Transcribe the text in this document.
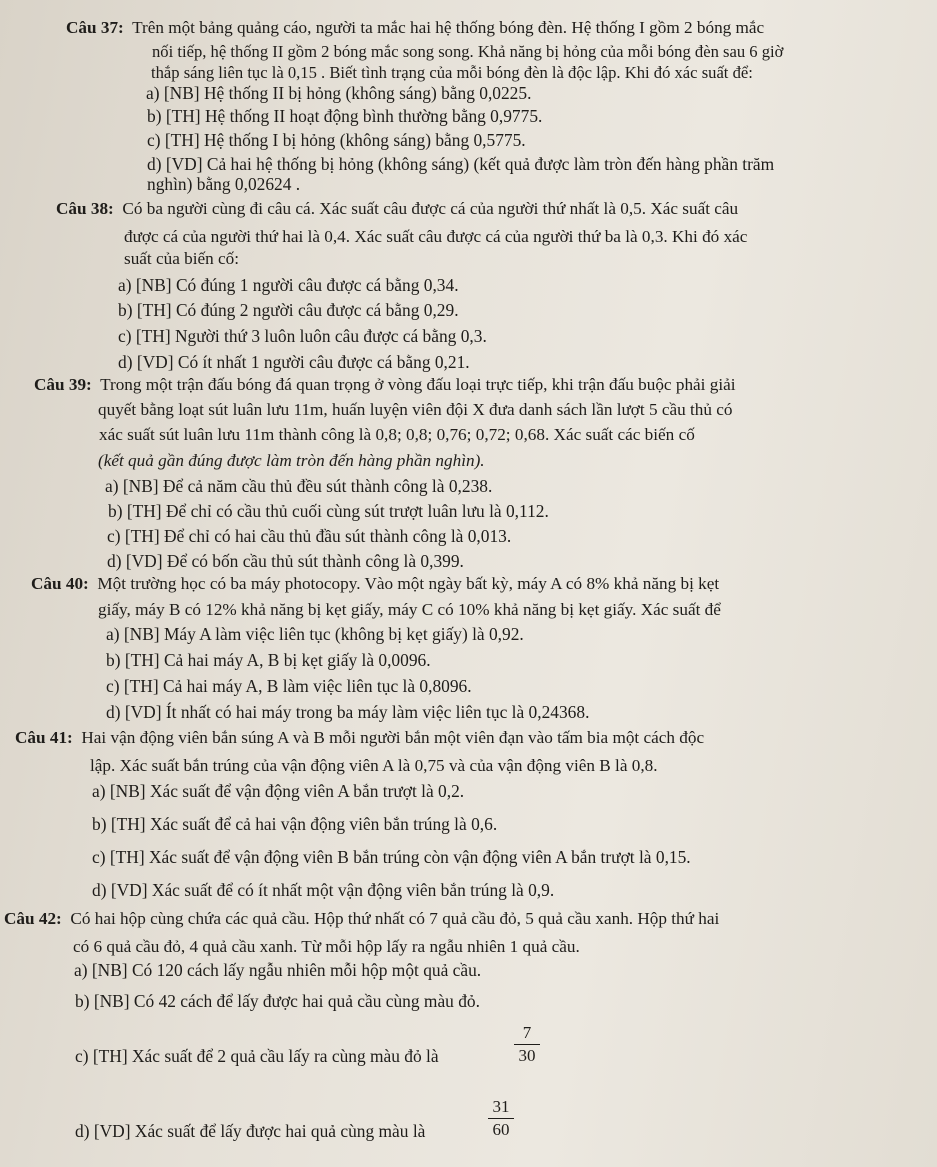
Câu 37: Trên một bảng quảng cáo, người ta mắc hai hệ thống bóng đèn. Hệ thống I gồm 2 bóng mắc
nối tiếp, hệ thống II gồm 2 bóng mắc song song. Khả năng bị hỏng của mỗi bóng đèn sau 6 giờ
thắp sáng liên tục là 0,15 . Biết tình trạng của mỗi bóng đèn là độc lập. Khi đó xác suất để:
a) [NB] Hệ thống II bị hỏng (không sáng) bằng 0,0225.
b) [TH] Hệ thống II hoạt động bình thường bằng 0,9775.
c) [TH] Hệ thống I bị hỏng (không sáng) bằng 0,5775.
d) [VD] Cả hai hệ thống bị hỏng (không sáng) (kết quả được làm tròn đến hàng phần trăm
nghìn) bằng 0,02624 .
Câu 38: Có ba người cùng đi câu cá. Xác suất câu được cá của người thứ nhất là 0,5. Xác suất câu
được cá của người thứ hai là 0,4. Xác suất câu được cá của người thứ ba là 0,3. Khi đó xác
suất của biến cố:
a) [NB] Có đúng 1 người câu được cá bằng 0,34.
b) [TH] Có đúng 2 người câu được cá bằng 0,29.
c) [TH] Người thứ 3 luôn luôn câu được cá bằng 0,3.
d) [VD] Có ít nhất 1 người câu được cá bằng 0,21.
Câu 39: Trong một trận đấu bóng đá quan trọng ở vòng đấu loại trực tiếp, khi trận đấu buộc phải giải
quyết bằng loạt sút luân lưu 11m, huấn luyện viên đội X đưa danh sách lần lượt 5 cầu thủ có
xác suất sút luân lưu 11m thành công là 0,8; 0,8; 0,76; 0,72; 0,68. Xác suất các biến cố
(kết quả gần đúng được làm tròn đến hàng phần nghìn).
a) [NB] Để cả năm cầu thủ đều sút thành công là 0,238.
b) [TH] Để chỉ có cầu thủ cuối cùng sút trượt luân lưu là 0,112.
c) [TH] Để chỉ có hai cầu thủ đầu sút thành công là 0,013.
d) [VD] Để có bốn cầu thủ sút thành công là 0,399.
Câu 40: Một trường học có ba máy photocopy. Vào một ngày bất kỳ, máy A có 8% khả năng bị kẹt
giấy, máy B có 12% khả năng bị kẹt giấy, máy C có 10% khả năng bị kẹt giấy. Xác suất để
a) [NB] Máy A làm việc liên tục (không bị kẹt giấy) là 0,92.
b) [TH] Cả hai máy A, B bị kẹt giấy là 0,0096.
c) [TH] Cả hai máy A, B làm việc liên tục là 0,8096.
d) [VD] Ít nhất có hai máy trong ba máy làm việc liên tục là 0,24368.
Câu 41: Hai vận động viên bắn súng A và B mỗi người bắn một viên đạn vào tấm bia một cách độc
lập. Xác suất bắn trúng của vận động viên A là 0,75 và của vận động viên B là 0,8.
a) [NB] Xác suất để vận động viên A bắn trượt là 0,2.
b) [TH] Xác suất để cả hai vận động viên bắn trúng là 0,6.
c) [TH] Xác suất để vận động viên B bắn trúng còn vận động viên A bắn trượt là 0,15.
d) [VD] Xác suất để có ít nhất một vận động viên bắn trúng là 0,9.
Câu 42: Có hai hộp cùng chứa các quả cầu. Hộp thứ nhất có 7 quả cầu đỏ, 5 quả cầu xanh. Hộp thứ hai
có 6 quả cầu đỏ, 4 quả cầu xanh. Từ mỗi hộp lấy ra ngẫu nhiên 1 quả cầu.
a) [NB] Có 120 cách lấy ngẫu nhiên mỗi hộp một quả cầu.
b) [NB] Có 42 cách để lấy được hai quả cầu cùng màu đỏ.
c) [TH] Xác suất để 2 quả cầu lấy ra cùng màu đỏ là
7
30
d) [VD] Xác suất để lấy được hai quả cùng màu là
31
60
